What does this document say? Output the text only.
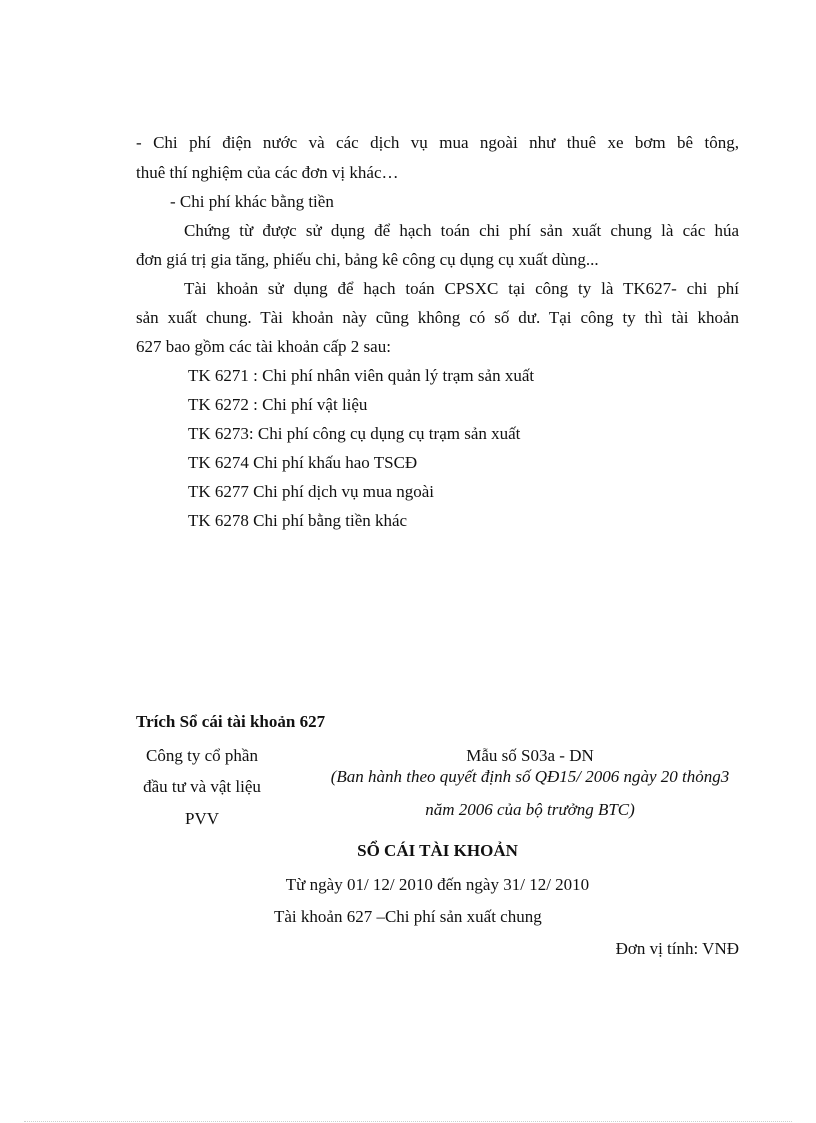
- Chi phí điện nước và các dịch vụ mua ngoài như thuê xe bơm bê tông,
thuê thí nghiệm của các đơn vị khác…
- Chi phí khác bằng tiền
Chứng từ được sử dụng để hạch toán chi phí sản xuất chung là các húa
đơn giá trị gia tăng, phiếu chi, bảng kê công cụ dụng cụ xuất dùng...
Tài khoản sử dụng để hạch toán CPSXC tại công ty là TK627- chi phí
sản xuất chung. Tài khoản này cũng không có số dư. Tại công ty thì tài khoản
627 bao gồm các tài khoản cấp 2 sau:
TK 6271 : Chi phí nhân viên quản lý trạm sản xuất
TK 6272 : Chi phí vật liệu
TK 6273: Chi phí công cụ dụng cụ trạm sản xuất
TK 6274 Chi phí khấu hao TSCĐ
TK 6277 Chi phí dịch vụ mua ngoài
TK 6278 Chi phí bằng tiền khác
Trích Sổ cái tài khoản 627
Công ty cổ phần
đầu tư và vật liệu
PVV
Mẫu số S03a - DN
(Ban hành theo quyết định số QĐ15/ 2006 ngày 20 thỏng3
năm 2006 của bộ trưởng BTC)
SỔ CÁI TÀI KHOẢN
Từ ngày 01/ 12/ 2010 đến ngày 31/ 12/ 2010
Tài khoản 627 –Chi phí sản xuất chung
Đơn vị tính: VNĐ
